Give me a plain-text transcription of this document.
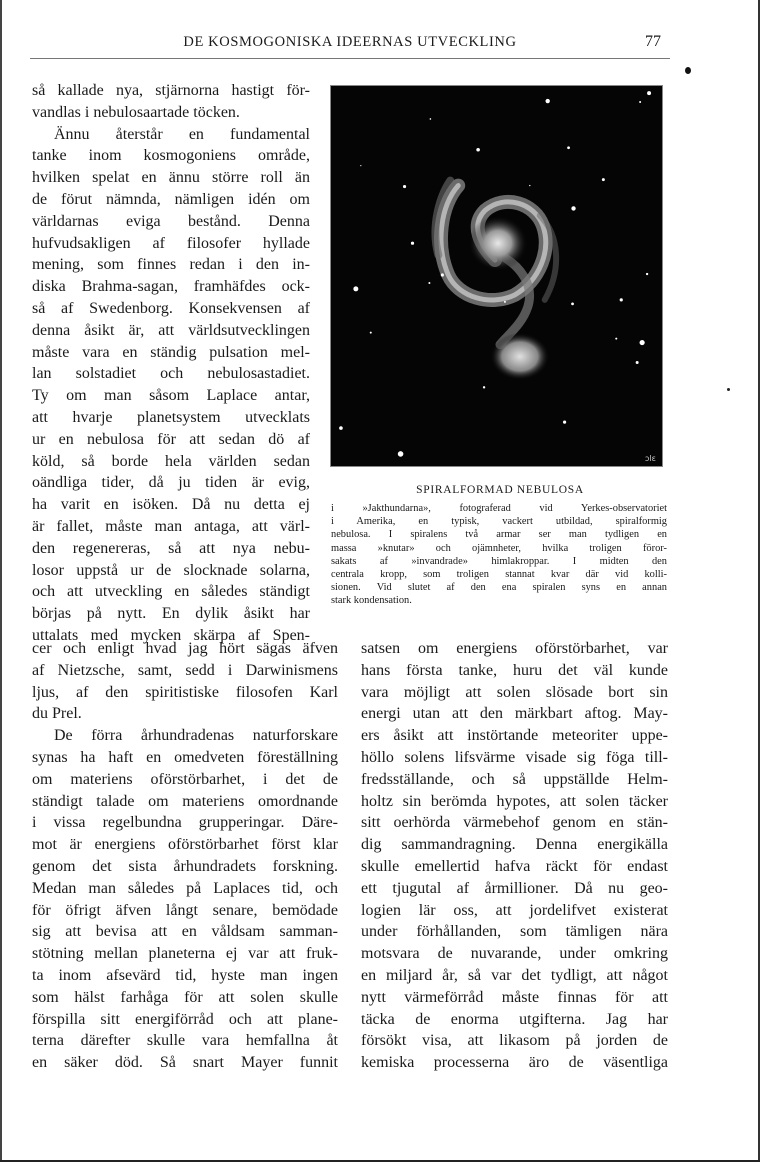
DE KOSMOGONISKA IDEERNAS UTVECKLING	77
så kallade nya, stjärnorna hastigt för-
vandlas i nebulosaartade töcken.
Ännu återstår en fundamental
tanke inom kosmogoniens område,
hvilken spelat en ännu större roll än
de förut nämnda, nämligen idén om
världarnas eviga bestånd. Denna
hufvudsakligen af filosofer hyllade
mening, som finnes redan i den in-
diska Brahma-sagan, framhäfdes ock-
så af Swedenborg. Konsekvensen af
denna åsikt är, att världsutvecklingen
måste vara en ständig pulsation mel-
lan solstadiet och nebulosastadiet.
Ty om man såsom Laplace antar,
att hvarje planetsystem utvecklats
ur en nebulosa för att sedan dö af
köld, så borde hela världen sedan
oändliga tider, då ju tiden är evig,
ha varit en isöken. Då nu detta ej
är fallet, måste man antaga, att värl-
den regenereras, så att nya nebu-
losor uppstå ur de slocknade solarna,
och att utveckling en således ständigt
börjas på nytt. En dylik åsikt har
uttalats med mycken skärpa af Spen-
ɔlɛ
SPIRALFORMAD NEBULOSA
i »Jakthundarna», fotograferad vid Yerkes-observatoriet
i Amerika, en typisk, vackert utbildad, spiralformig
nebulosa. I spiralens två armar ser man tydligen en
massa »knutar» och ojämnheter, hvilka troligen föror-
sakats af »invandrade» himlakroppar. I midten den
centrala kropp, som troligen stannat kvar där vid kolli-
sionen. Vid slutet af den ena spiralen syns en annan
stark kondensation.
cer och enligt hvad jag hört sägas äfven
af Nietzsche, samt, sedd i Darwinismens
ljus, af den spiritistiske filosofen Karl
du Prel.
De förra århundradenas naturforskare
synas ha haft en omedveten föreställning
om materiens oförstörbarhet, i det de
ständigt talade om materiens omordnande
i vissa regelbundna grupperingar. Däre-
mot är energiens oförstörbarhet först klar
genom det sista århundradets forskning.
Medan man således på Laplaces tid, och
för öfrigt äfven långt senare, bemödade
sig att bevisa att en våldsam samman-
stötning mellan planeterna ej var att fruk-
ta inom afsevärd tid, hyste man ingen
som hälst farhåga för att solen skulle
förspilla sitt energiförråd och att plane-
terna därefter skulle vara hemfallna åt
en säker död. Så snart Mayer funnit
satsen om energiens oförstörbarhet, var
hans första tanke, huru det väl kunde
vara möjligt att solen slösade bort sin
energi utan att den märkbart aftog. May-
ers åsikt att instörtande meteoriter uppe-
höllo solens lifsvärme visade sig föga till-
fredsställande, och så uppställde Helm-
holtz sin berömda hypotes, att solen täcker
sitt oerhörda värmebehof genom en stän-
dig sammandragning. Denna energikälla
skulle emellertid hafva räckt för endast
ett tjugutal af årmillioner. Då nu geo-
logien lär oss, att jordelifvet existerat
under förhållanden, som tämligen nära
motsvara de nuvarande, under omkring
en miljard år, så var det tydligt, att något
nytt värmeförråd måste finnas för att
täcka de enorma utgifterna. Jag har
försökt visa, att likasom på jorden de
kemiska processerna äro de väsentliga
